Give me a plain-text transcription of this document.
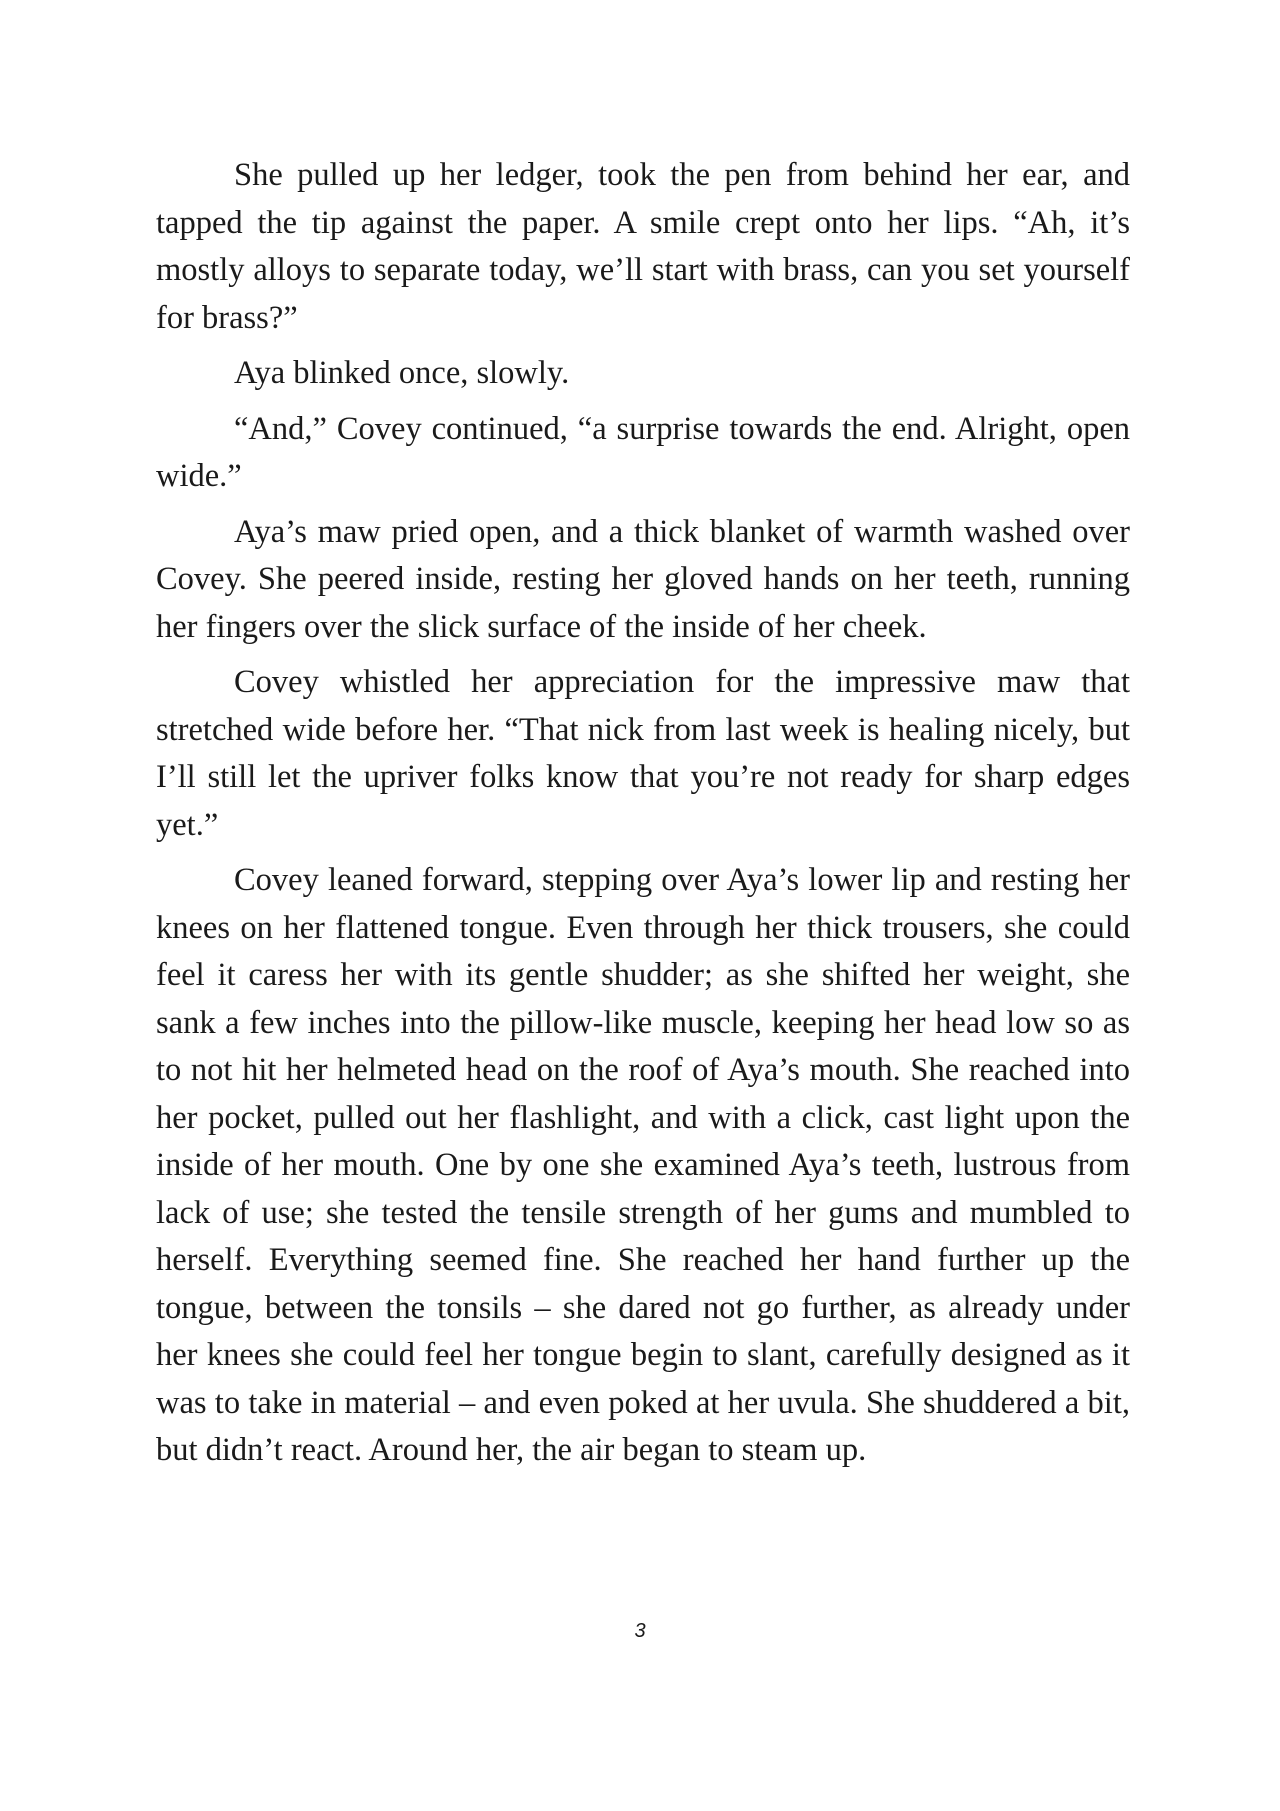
She pulled up her ledger, took the pen from behind her ear, and tapped the tip against the paper. A smile crept onto her lips. “Ah, it’s mostly alloys to separate today, we’ll start with brass, can you set yourself for brass?”

Aya blinked once, slowly.

“And,” Covey continued, “a surprise towards the end. Alright, open wide.”

Aya’s maw pried open, and a thick blanket of warmth washed over Covey. She peered inside, resting her gloved hands on her teeth, running her fingers over the slick surface of the inside of her cheek.

Covey whistled her appreciation for the impressive maw that stretched wide before her. “That nick from last week is healing nicely, but I’ll still let the upriver folks know that you’re not ready for sharp edges yet.”

Covey leaned forward, stepping over Aya’s lower lip and resting her knees on her flattened tongue. Even through her thick trousers, she could feel it caress her with its gentle shudder; as she shifted her weight, she sank a few inches into the pillow-like muscle, keeping her head low so as to not hit her helmeted head on the roof of Aya’s mouth. She reached into her pocket, pulled out her flashlight, and with a click, cast light upon the inside of her mouth. One by one she examined Aya’s teeth, lustrous from lack of use; she tested the tensile strength of her gums and mumbled to herself. Everything seemed fine. She reached her hand further up the tongue, between the tonsils – she dared not go further, as already under her knees she could feel her tongue begin to slant, carefully designed as it was to take in material – and even poked at her uvula. She shuddered a bit, but didn’t react. Around her, the air began to steam up.

3
